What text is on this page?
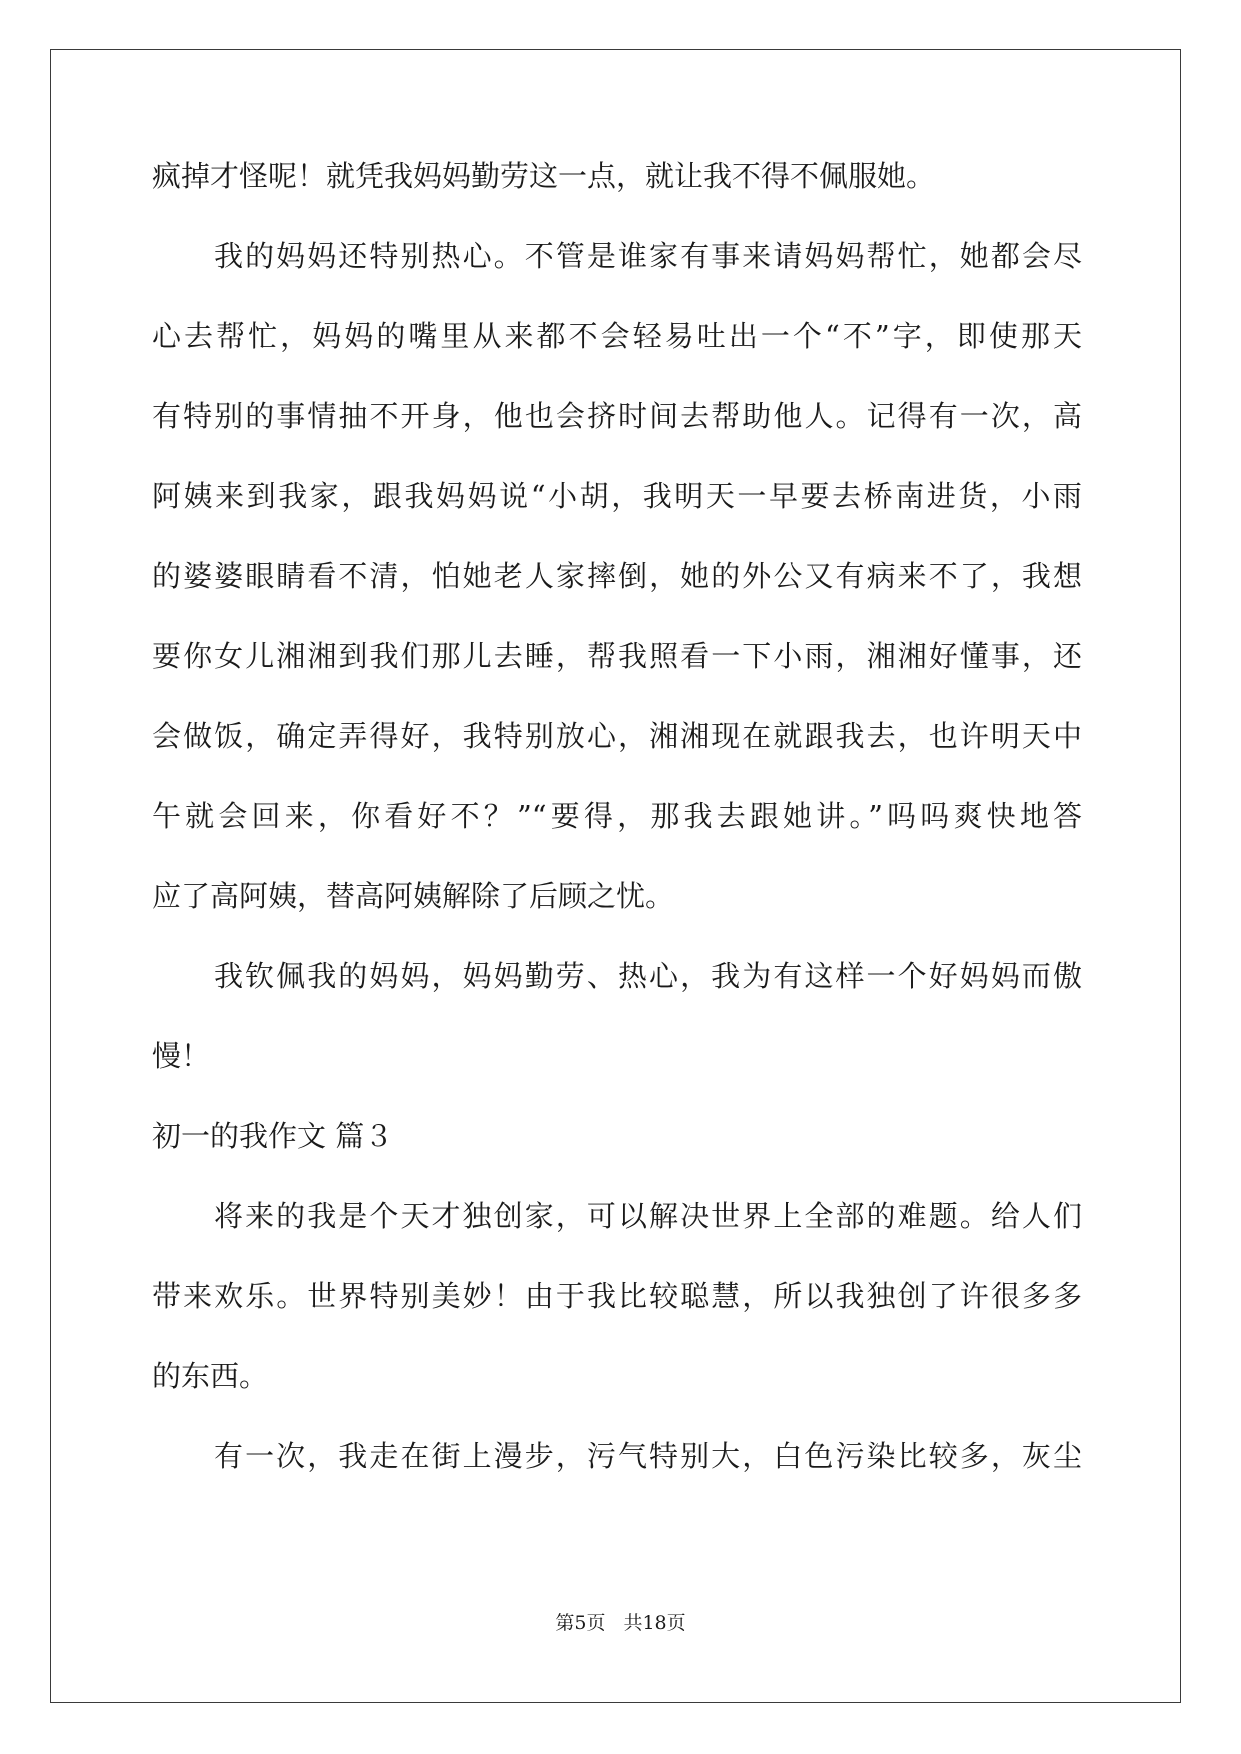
疯掉才怪呢！就凭我妈妈勤劳这一点，就让我不得不佩服她。
我的妈妈还特别热心。不管是谁家有事来请妈妈帮忙，她都会尽
心去帮忙，妈妈的嘴里从来都不会轻易吐出一个“不”字，即使那天
有特别的事情抽不开身，他也会挤时间去帮助他人。记得有一次，高
阿姨来到我家，跟我妈妈说“小胡，我明天一早要去桥南进货，小雨
的婆婆眼睛看不清，怕她老人家摔倒，她的外公又有病来不了，我想
要你女儿湘湘到我们那儿去睡，帮我照看一下小雨，湘湘好懂事，还
会做饭，确定弄得好，我特别放心，湘湘现在就跟我去，也许明天中
午就会回来，你看好不？”“要得，那我去跟她讲。”吗吗爽快地答
应了高阿姨，替高阿姨解除了后顾之忧。
我钦佩我的妈妈，妈妈勤劳、热心，我为有这样一个好妈妈而傲
慢！
初一的我作文 篇３
将来的我是个天才独创家，可以解决世界上全部的难题。给人们
带来欢乐。世界特别美妙！由于我比较聪慧，所以我独创了许很多多
的东西。
有一次，我走在街上漫步，污气特别大，白色污染比较多，灰尘
第5页 共18页
